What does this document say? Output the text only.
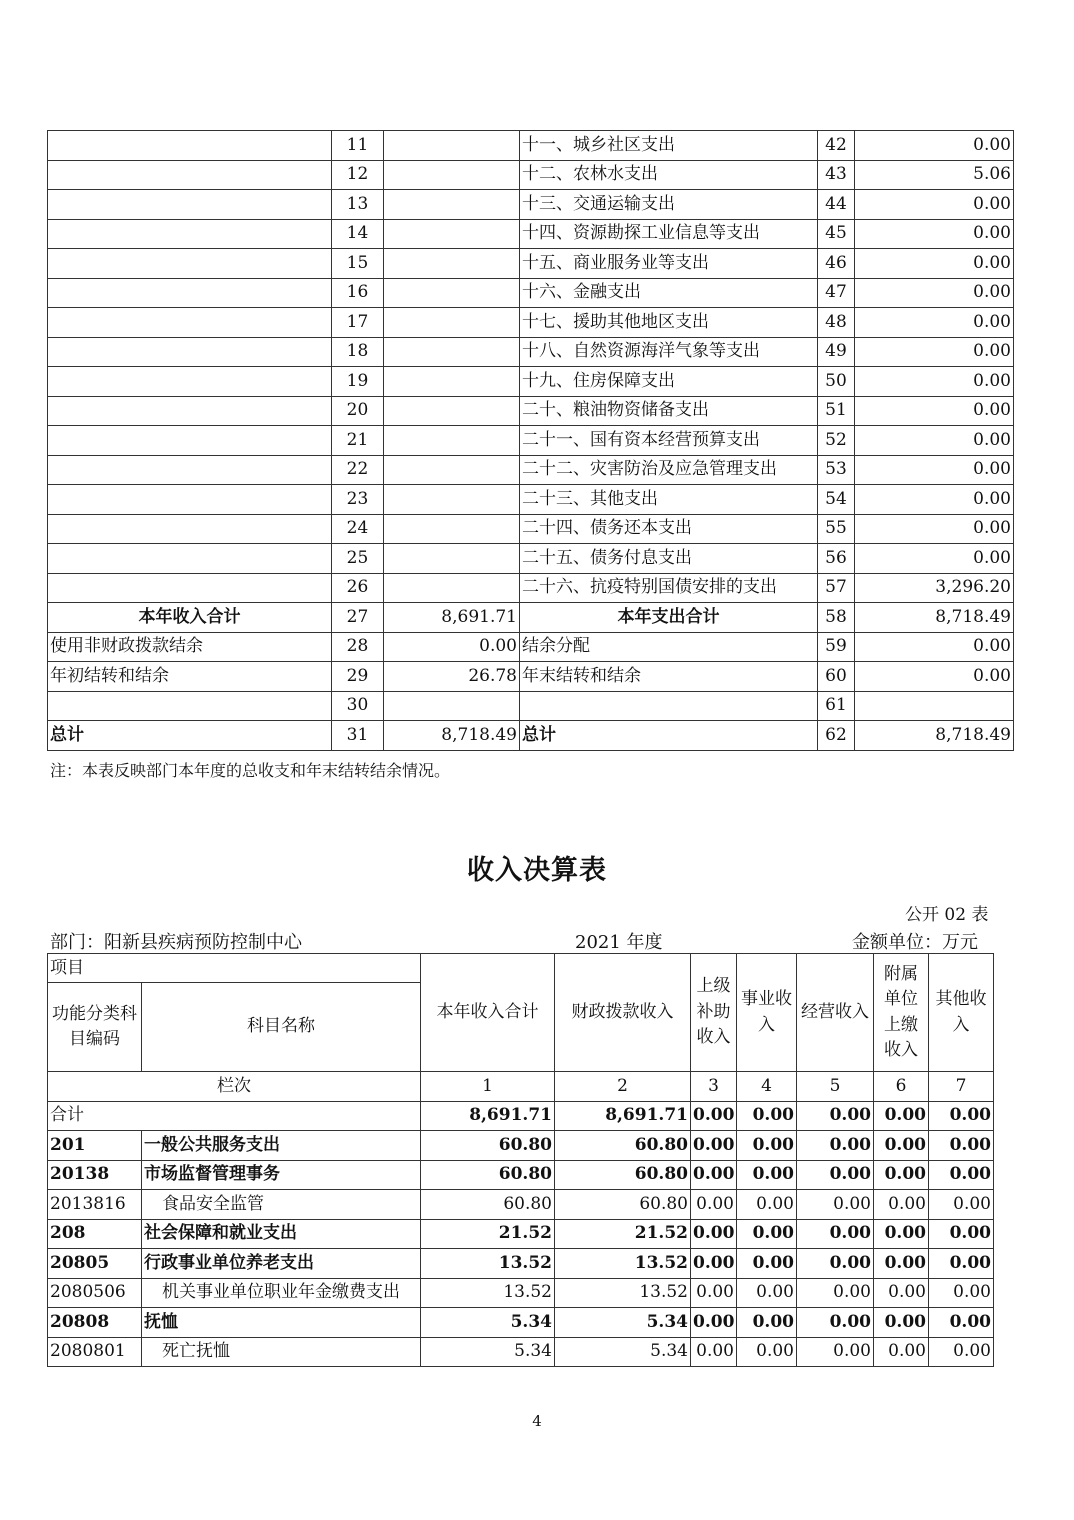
	11		十一、城乡社区支出	42	0.00
	12		十二、农林水支出	43	5.06
	13		十三、交通运输支出	44	0.00
	14		十四、资源勘探工业信息等支出	45	0.00
	15		十五、商业服务业等支出	46	0.00
	16		十六、金融支出	47	0.00
	17		十七、援助其他地区支出	48	0.00
	18		十八、自然资源海洋气象等支出	49	0.00
	19		十九、住房保障支出	50	0.00
	20		二十、粮油物资储备支出	51	0.00
	21		二十一、国有资本经营预算支出	52	0.00
	22		二十二、灾害防治及应急管理支出	53	0.00
	23		二十三、其他支出	54	0.00
	24		二十四、债务还本支出	55	0.00
	25		二十五、债务付息支出	56	0.00
	26		二十六、抗疫特别国债安排的支出	57	3,296.20
本年收入合计	27	8,691.71	本年支出合计	58	8,718.49
使用非财政拨款结余	28	0.00	结余分配	59	0.00
年初结转和结余	29	26.78	年末结转和结余	60	0.00
	30			61	
总计	31	8,718.49	总计	62	8,718.49
注：本表反映部门本年度的总收支和年末结转结余情况。
收入决算表
公开 02 表
部门：阳新县疾病预防控制中心	2021 年度	金额单位：万元
项目		本年收入合计	财政拨款收入	上级补助收入	事业收入	经营收入	附属单位上缴收入	其他收入
功能分类科目编码	科目名称							
栏次		1	2	3	4	5	6	7
合计		8,691.71	8,691.71	0.00	0.00	0.00	0.00	0.00
201	一般公共服务支出	60.80	60.80	0.00	0.00	0.00	0.00	0.00
20138	市场监督管理事务	60.80	60.80	0.00	0.00	0.00	0.00	0.00
2013816	食品安全监管	60.80	60.80	0.00	0.00	0.00	0.00	0.00
208	社会保障和就业支出	21.52	21.52	0.00	0.00	0.00	0.00	0.00
20805	行政事业单位养老支出	13.52	13.52	0.00	0.00	0.00	0.00	0.00
2080506	机关事业单位职业年金缴费支出	13.52	13.52	0.00	0.00	0.00	0.00	0.00
20808	抚恤	5.34	5.34	0.00	0.00	0.00	0.00	0.00
2080801	死亡抚恤	5.34	5.34	0.00	0.00	0.00	0.00	0.00
4
